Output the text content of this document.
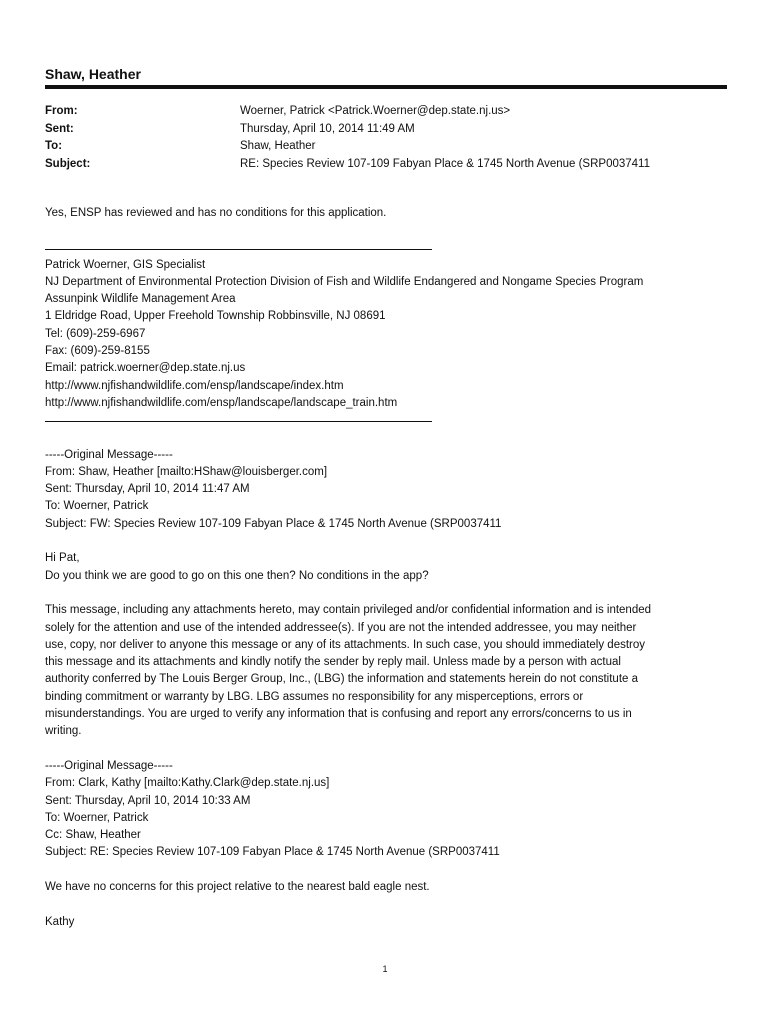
Shaw, Heather
From:	Woerner, Patrick <Patrick.Woerner@dep.state.nj.us>
Sent:	Thursday, April 10, 2014 11:49 AM
To:	Shaw, Heather
Subject:	RE: Species Review 107-109 Fabyan Place & 1745 North Avenue (SRP0037411
Yes, ENSP has reviewed and has no conditions for this application.
Patrick Woerner, GIS Specialist
NJ Department of Environmental Protection Division of Fish and Wildlife Endangered and Nongame Species Program
Assunpink Wildlife Management Area
1 Eldridge Road, Upper Freehold Township Robbinsville, NJ 08691
Tel: (609)-259-6967
Fax: (609)-259-8155
Email: patrick.woerner@dep.state.nj.us
http://www.njfishandwildlife.com/ensp/landscape/index.htm
http://www.njfishandwildlife.com/ensp/landscape/landscape_train.htm
-----Original Message-----
From: Shaw, Heather [mailto:HShaw@louisberger.com]
Sent: Thursday, April 10, 2014 11:47 AM
To: Woerner, Patrick
Subject: FW: Species Review 107-109 Fabyan Place & 1745 North Avenue (SRP0037411
Hi Pat,
Do you think we are good to go on this one then? No conditions in the app?
This message, including any attachments hereto, may contain privileged and/or confidential information and is intended
solely for the attention and use of the intended addressee(s). If you are not the intended addressee, you may neither
use, copy, nor deliver to anyone this message or any of its attachments. In such case, you should immediately destroy
this message and its attachments and kindly notify the sender by reply mail. Unless made by a person with actual
authority conferred by The Louis Berger Group, Inc., (LBG) the information and statements herein do not constitute a
binding commitment or warranty by LBG. LBG assumes no responsibility for any misperceptions, errors or
misunderstandings. You are urged to verify any information that is confusing and report any errors/concerns to us in
writing.
-----Original Message-----
From: Clark, Kathy [mailto:Kathy.Clark@dep.state.nj.us]
Sent: Thursday, April 10, 2014 10:33 AM
To: Woerner, Patrick
Cc: Shaw, Heather
Subject: RE: Species Review 107-109 Fabyan Place & 1745 North Avenue (SRP0037411
We have no concerns for this project relative to the nearest bald eagle nest.
Kathy
1
